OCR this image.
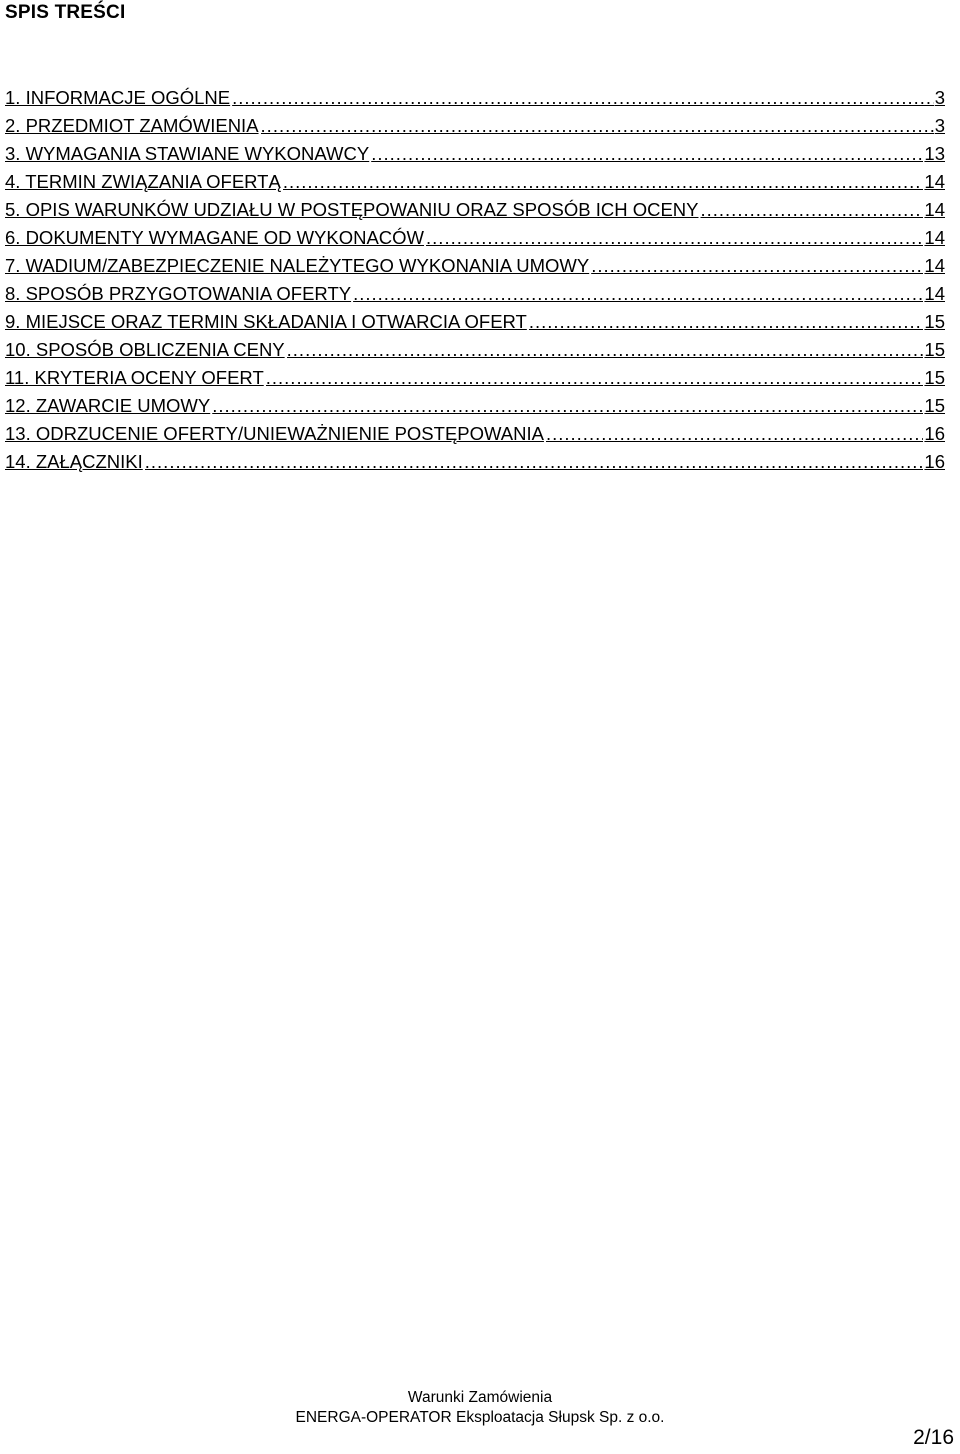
SPIS TREŚCI
1. INFORMACJE OGÓLNE .....	3
2. PRZEDMIOT ZAMÓWIENIA .....	3
3. WYMAGANIA STAWIANE WYKONAWCY .....	13
4. TERMIN ZWIĄZANIA OFERTĄ .....	14
5. OPIS WARUNKÓW UDZIAŁU W POSTĘPOWANIU ORAZ SPOSÓB ICH OCENY .....	14
6. DOKUMENTY WYMAGANE OD WYKONACÓW .....	14
7. WADIUM/ZABEZPIECZENIE NALEŻYTEGO WYKONANIA UMOWY .....	14
8. SPOSÓB PRZYGOTOWANIA OFERTY .....	14
9. MIEJSCE ORAZ TERMIN SKŁADANIA I OTWARCIA OFERT .....	15
10. SPOSÓB OBLICZENIA CENY .....	15
11. KRYTERIA OCENY OFERT .....	15
12. ZAWARCIE UMOWY .....	15
13. ODRZUCENIE OFERTY/UNIEWAŻNIENIE POSTĘPOWANIA .....	16
14. ZAŁĄCZNIKI .....	16
Warunki Zamówienia
ENERGA-OPERATOR Eksploatacja Słupsk Sp. z o.o.
2/16
